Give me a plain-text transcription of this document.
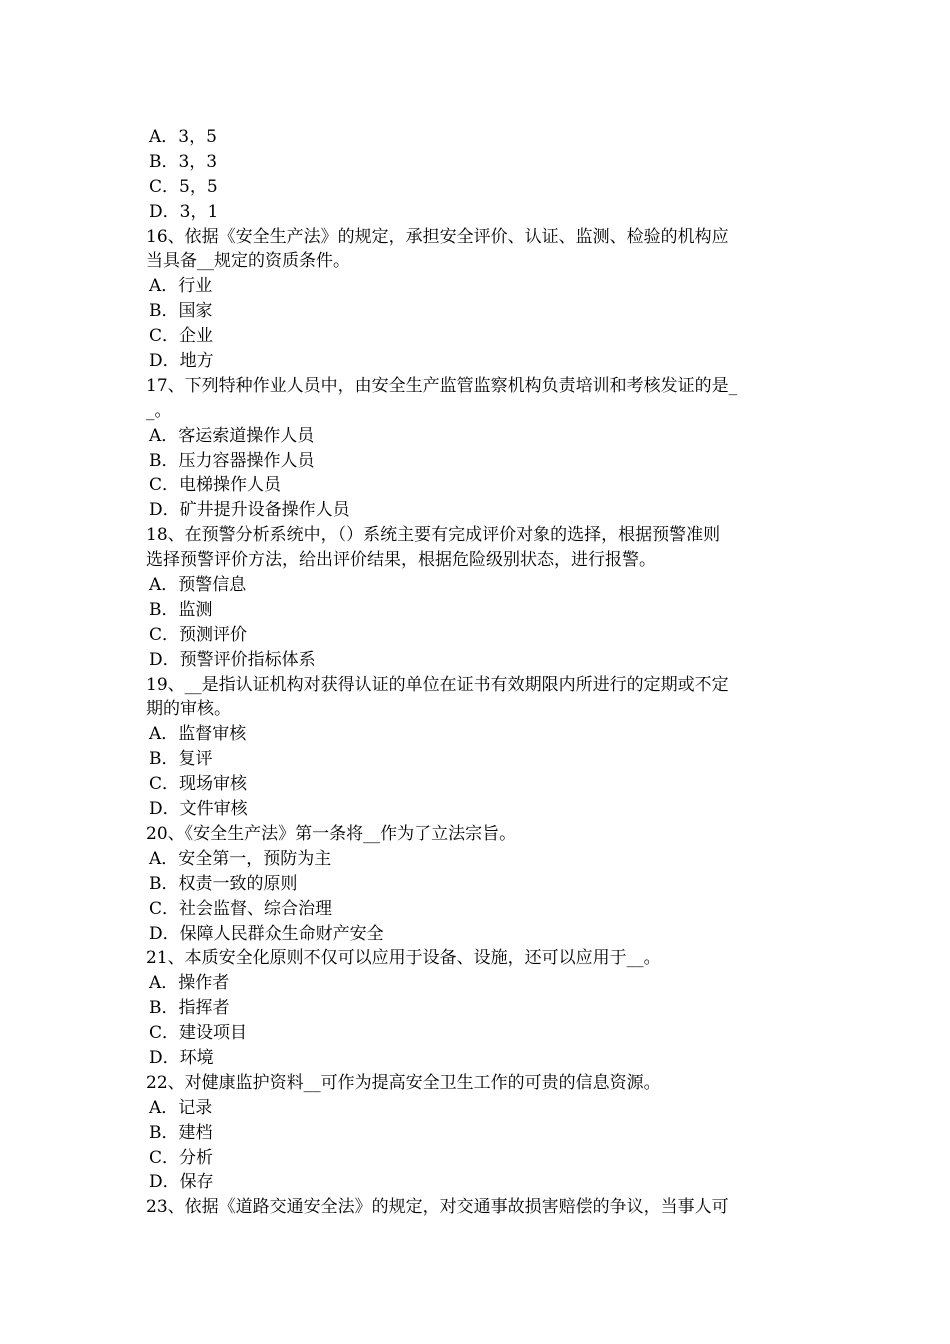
A．3，5
B．3，3
C．5，5
D．3，1
16、依据《安全生产法》的规定，承担安全评价、认证、监测、检验的机构应
当具备__规定的资质条件。
A．行业
B．国家
C．企业
D．地方
17、下列特种作业人员中，由安全生产监管监察机构负责培训和考核发证的是_
_。
A．客运索道操作人员
B．压力容器操作人员
C．电梯操作人员
D．矿井提升设备操作人员
18、在预警分析系统中，（）系统主要有完成评价对象的选择，根据预警准则
选择预警评价方法，给出评价结果，根据危险级别状态，进行报警。
A．预警信息
B．监测
C．预测评价
D．预警评价指标体系
19、__是指认证机构对获得认证的单位在证书有效期限内所进行的定期或不定
期的审核。
A．监督审核
B．复评
C．现场审核
D．文件审核
20、《安全生产法》第一条将__作为了立法宗旨。
A．安全第一，预防为主
B．权责一致的原则
C．社会监督、综合治理
D．保障人民群众生命财产安全
21、本质安全化原则不仅可以应用于设备、设施，还可以应用于__。
A．操作者
B．指挥者
C．建设项目
D．环境
22、对健康监护资料__可作为提高安全卫生工作的可贵的信息资源。
A．记录
B．建档
C．分析
D．保存
23、依据《道路交通安全法》的规定，对交通事故损害赔偿的争议，当事人可
